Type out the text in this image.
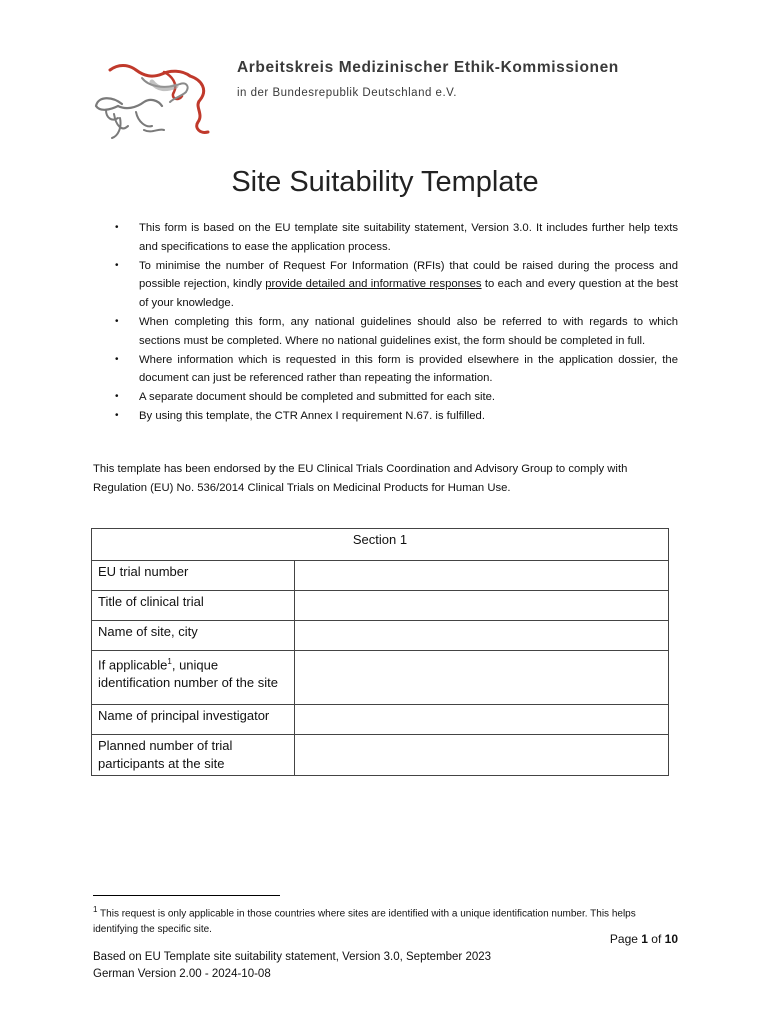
Arbeitskreis Medizinischer Ethik-Kommissionen
in der Bundesrepublik Deutschland e.V.
Site Suitability Template
• This form is based on the EU template site suitability statement, Version 3.0. It includes further help texts and specifications to ease the application process.
• To minimise the number of Request For Information (RFIs) that could be raised during the process and possible rejection, kindly provide detailed and informative responses to each and every question at the best of your knowledge.
• When completing this form, any national guidelines should also be referred to with regards to which sections must be completed. Where no national guidelines exist, the form should be completed in full.
• Where information which is requested in this form is provided elsewhere in the application dossier, the document can just be referenced rather than repeating the information.
• A separate document should be completed and submitted for each site.
• By using this template, the CTR Annex I requirement N.67. is fulfilled.
This template has been endorsed by the EU Clinical Trials Coordination and Advisory Group to comply with Regulation (EU) No. 536/2014 Clinical Trials on Medicinal Products for Human Use.
Section 1	
EU trial number	
Title of clinical trial	
Name of site, city	
If applicable$^1$, unique identification number of the site	
Name of principal investigator	
Planned number of trial participants at the site	
$^1$ This request is only applicable in those countries where sites are identified with a unique identification number. This helps identifying the specific site.
Page 1 of 10
Based on EU Template site suitability statement, Version 3.0, September 2023
German Version 2.00 - 2024-10-08
